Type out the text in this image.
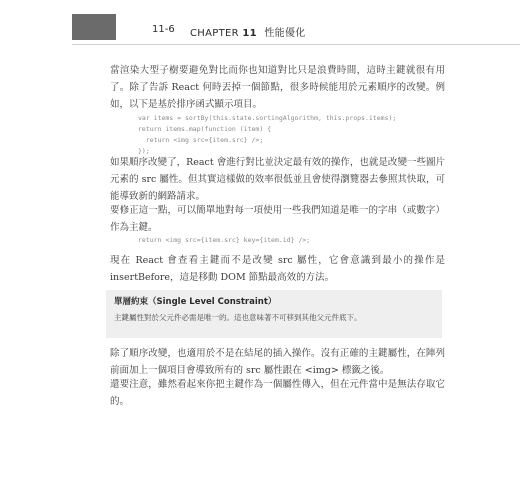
11-6 CHAPTER 11 性能優化
當渲染大型子樹要避免對比而你也知道對比只是浪費時間，這時主鍵就很有用了。除了告訴 React 何時丟掉一個節點，很多時候能用於元素順序的改變。例如，以下是基於排序函式顯示項目。
var items = sortBy(this.state.sortingAlgorithm, this.props.items);
return items.map(function (item) {
return <img src={item.src} />;
});
如果順序改變了，React 會進行對比並決定最有效的操作，也就是改變一些圖片元素的 src 屬性。但其實這樣做的效率很低並且會使得瀏覽器去參照其快取，可能導致新的網路請求。
要修正這一點，可以簡單地對每一項使用一些我們知道是唯一的字串（或數字）作為主鍵。
return <img src={item.src} key={item.id} />;
現在 React 會查看主鍵而不是改變 src 屬性，它會意識到最小的操作是 insertBefore，這是移動 DOM 節點最高效的方法。
單層約束（Single Level Constraint）
主鍵屬性對於父元件必需是唯一的。這也意味著不可移到其他父元件底下。
除了順序改變，也適用於不是在結尾的插入操作。沒有正確的主鍵屬性，在陣列前面加上一個項目會導致所有的 src 屬性跟在 <img> 標籤之後。
還要注意，雖然看起來你把主鍵作為一個屬性傳入，但在元件當中是無法存取它的。
